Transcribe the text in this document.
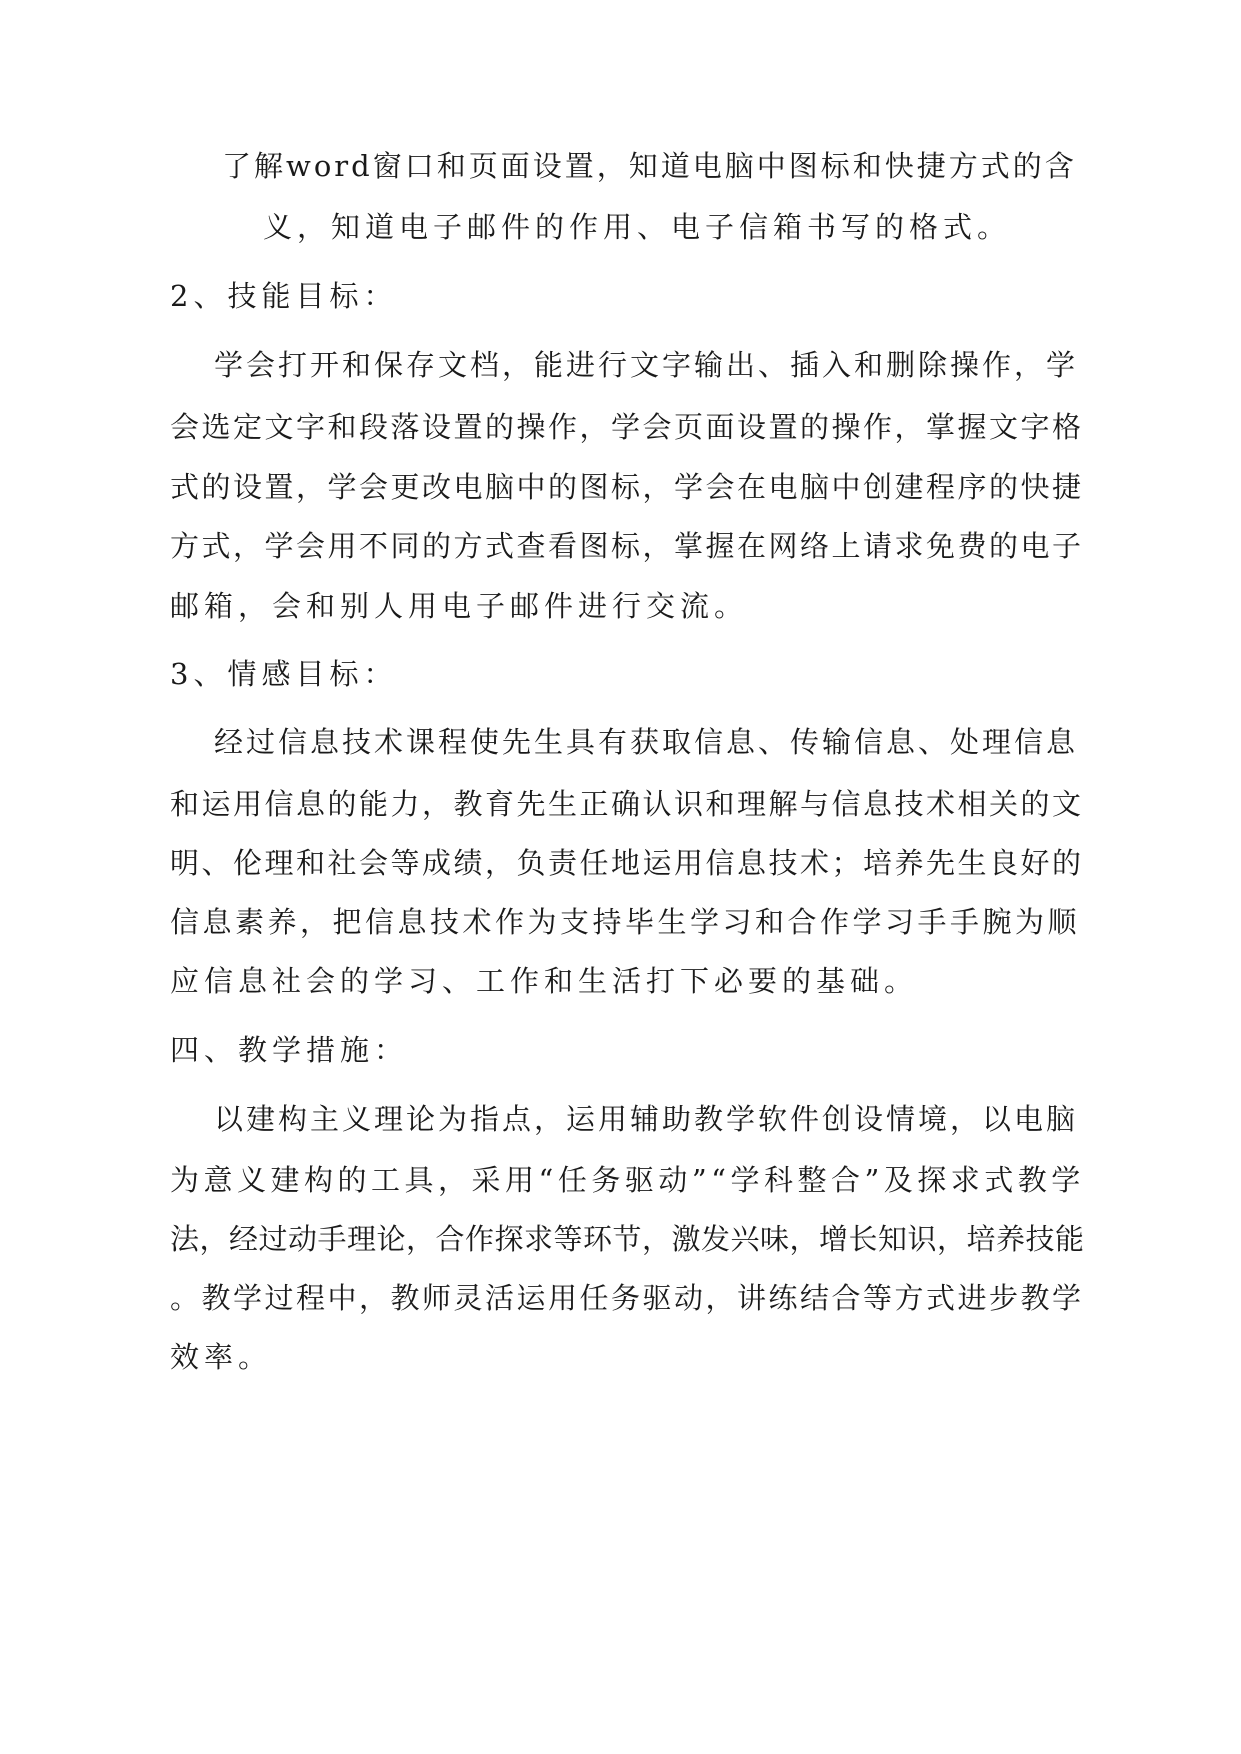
了解word窗口和页面设置，知道电脑中图标和快捷方式的含
义，知道电子邮件的作用、电子信箱书写的格式。
2、技能目标：
学会打开和保存文档，能进行文字输出、插入和删除操作，学
会选定文字和段落设置的操作，学会页面设置的操作，掌握文字格
式的设置，学会更改电脑中的图标，学会在电脑中创建程序的快捷
方式，学会用不同的方式查看图标，掌握在网络上请求免费的电子
邮箱，会和别人用电子邮件进行交流。
3、情感目标：
经过信息技术课程使先生具有获取信息、传输信息、处理信息
和运用信息的能力，教育先生正确认识和理解与信息技术相关的文
明、伦理和社会等成绩，负责任地运用信息技术；培养先生良好的
信息素养，把信息技术作为支持毕生学习和合作学习手手腕为顺
应信息社会的学习、工作和生活打下必要的基础。
四、教学措施：
以建构主义理论为指点，运用辅助教学软件创设情境，以电脑
为意义建构的工具，采用“任务驱动”“学科整合”及探求式教学
法，经过动手理论，合作探求等环节，激发兴味，增长知识，培养技能
。教学过程中，教师灵活运用任务驱动，讲练结合等方式进步教学
效率。
